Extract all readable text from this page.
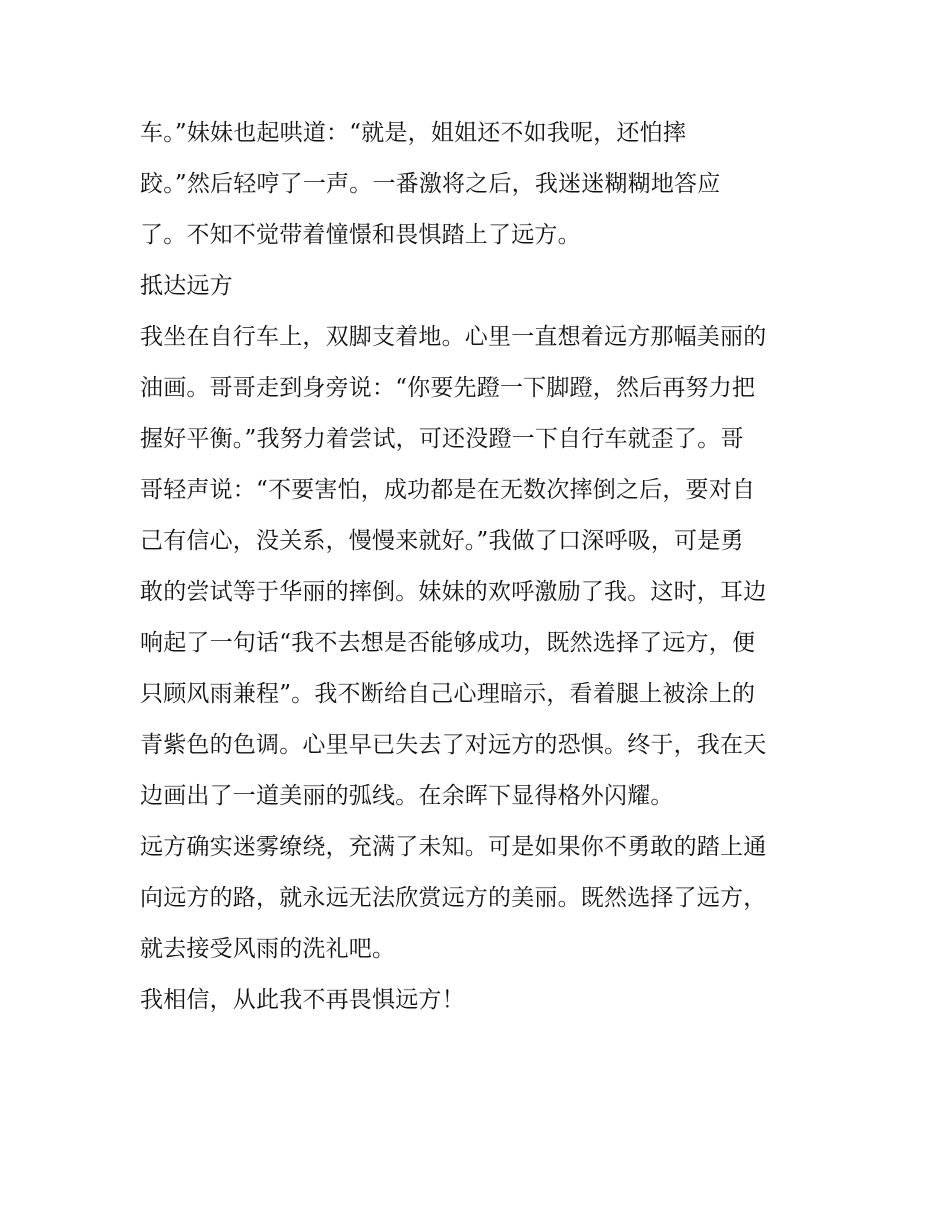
车。”妹妹也起哄道：“就是，姐姐还不如我呢，还怕摔
跤。”然后轻哼了一声。一番激将之后，我迷迷糊糊地答应
了。不知不觉带着憧憬和畏惧踏上了远方。
抵达远方
我坐在自行车上，双脚支着地。心里一直想着远方那幅美丽的
油画。哥哥走到身旁说：“你要先蹬一下脚蹬，然后再努力把
握好平衡。”我努力着尝试，可还没蹬一下自行车就歪了。哥
哥轻声说：“不要害怕，成功都是在无数次摔倒之后，要对自
己有信心，没关系，慢慢来就好。”我做了口深呼吸，可是勇
敢的尝试等于华丽的摔倒。妹妹的欢呼激励了我。这时，耳边
响起了一句话“我不去想是否能够成功，既然选择了远方，便
只顾风雨兼程”。我不断给自己心理暗示，看着腿上被涂上的
青紫色的色调。心里早已失去了对远方的恐惧。终于，我在天
边画出了一道美丽的弧线。在余晖下显得格外闪耀。
远方确实迷雾缭绕，充满了未知。可是如果你不勇敢的踏上通
向远方的路，就永远无法欣赏远方的美丽。既然选择了远方，
就去接受风雨的洗礼吧。
我相信，从此我不再畏惧远方！
